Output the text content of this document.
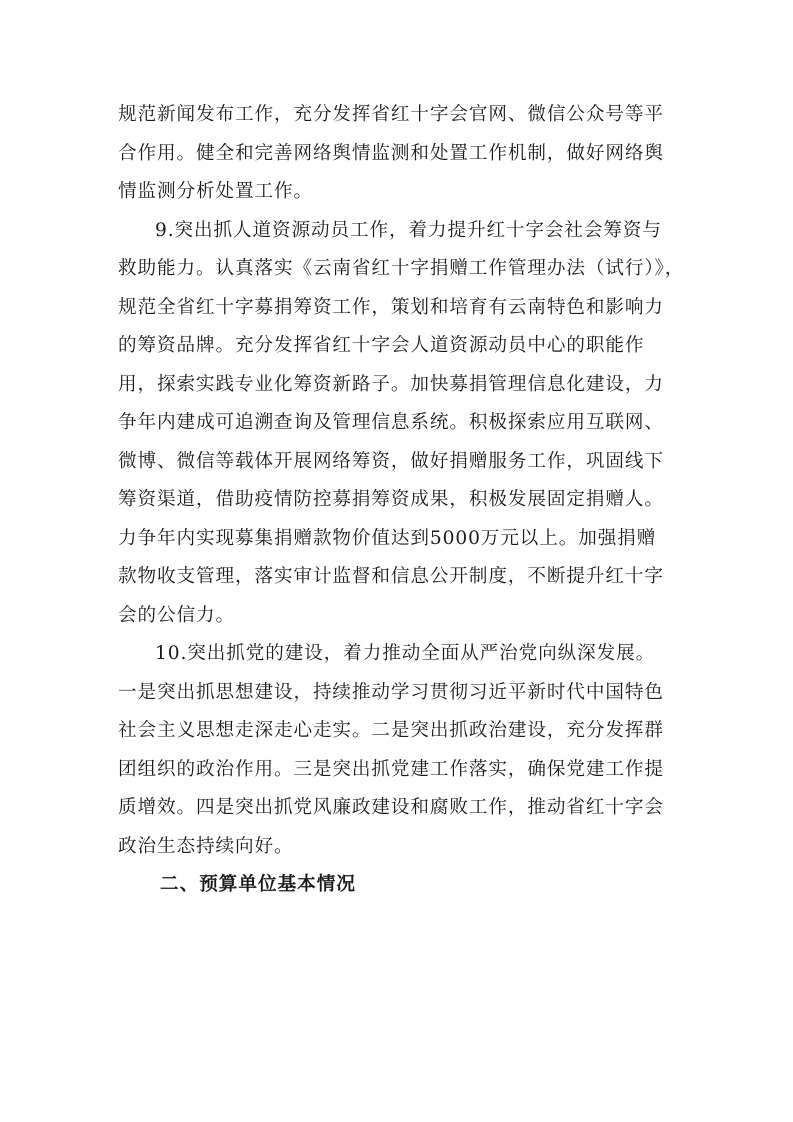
规范新闻发布工作，充分发挥省红十字会官网、微信公众号等平
合作用。健全和完善网络舆情监测和处置工作机制，做好网络舆
情监测分析处置工作。

9.突出抓人道资源动员工作，着力提升红十字会社会筹资与
救助能力。认真落实《云南省红十字捐赠工作管理办法（试行）》，
规范全省红十字募捐筹资工作，策划和培育有云南特色和影响力
的筹资品牌。充分发挥省红十字会人道资源动员中心的职能作
用，探索实践专业化筹资新路子。加快募捐管理信息化建设，力
争年内建成可追溯查询及管理信息系统。积极探索应用互联网、
微博、微信等载体开展网络筹资，做好捐赠服务工作，巩固线下
筹资渠道，借助疫情防控募捐筹资成果，积极发展固定捐赠人。
力争年内实现募集捐赠款物价值达到5000万元以上。加强捐赠
款物收支管理，落实审计监督和信息公开制度，不断提升红十字
会的公信力。

10.突出抓党的建设，着力推动全面从严治党向纵深发展。
一是突出抓思想建设，持续推动学习贯彻习近平新时代中国特色
社会主义思想走深走心走实。二是突出抓政治建设，充分发挥群
团组织的政治作用。三是突出抓党建工作落实，确保党建工作提
质增效。四是突出抓党风廉政建设和腐败工作，推动省红十字会
政治生态持续向好。

二、预算单位基本情况
